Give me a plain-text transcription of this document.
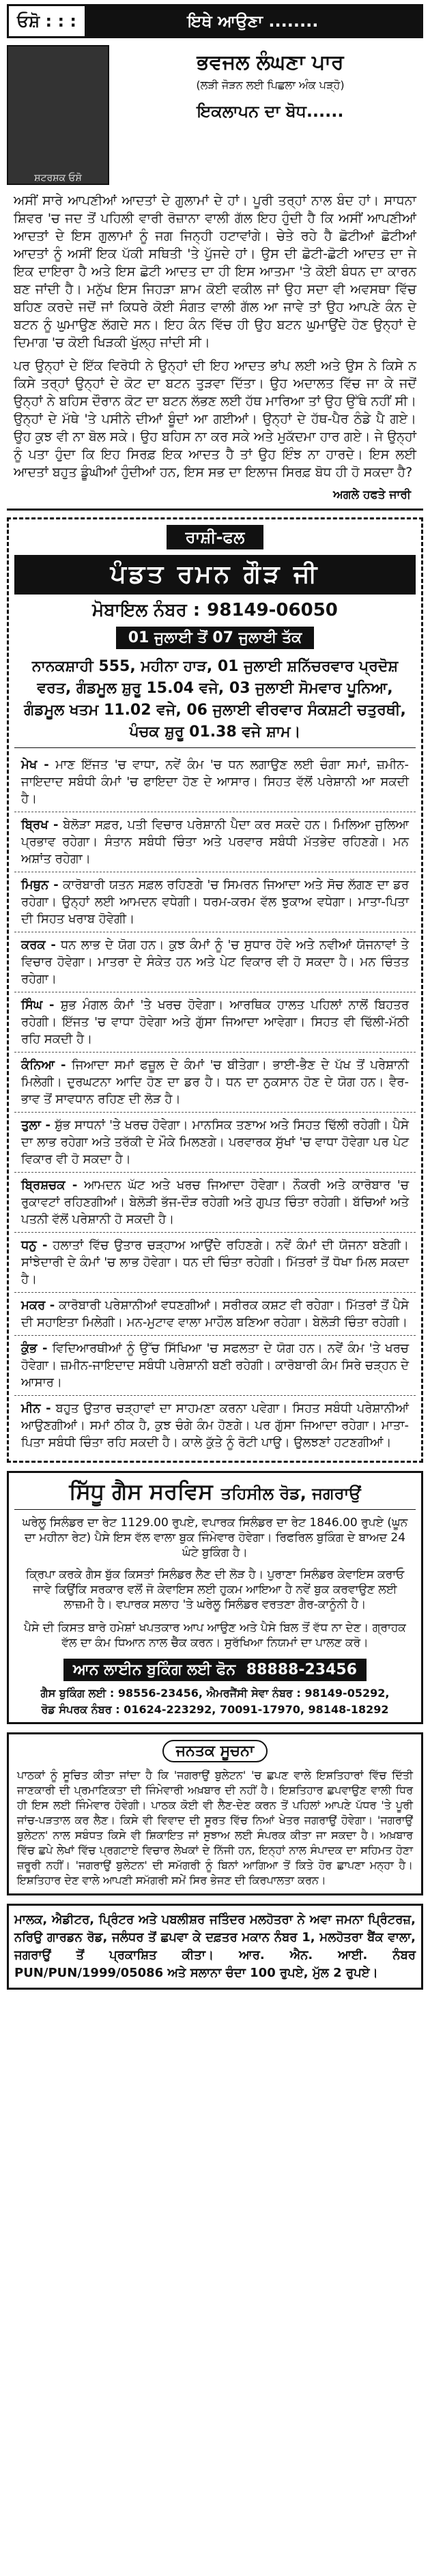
ਓਸ਼ੋ : : :	ਇਥੇ ਆਉਣਾ ........
ਸ਼ਟਰਸ਼ਕ ਓਸ਼ੋ
ਭਵਜਲ ਲੰਘਣਾ ਪਾਰ
(ਲੜੀ ਜੋੜਨ ਲਈ ਪਿਛਲਾ ਅੰਕ ਪੜ੍ਹੋ)
ਇਕਲਾਪਨ ਦਾ ਬੋਧ......

ਅਸੀਂ ਸਾਰੇ ਆਪਣੀਆਂ ਆਦਤਾਂ ਦੇ ਗੁਲਾਮਾਂ ਦੇ ਹਾਂ। ਪੂਰੀ ਤਰ੍ਹਾਂ ਨਾਲ ਬੰਦ ਹਾਂ। ਸਾਧਨਾ ਸ਼ਿਵਰ 'ਚ ਜਦ ਤੋਂ ਪਹਿਲੀ ਵਾਰੀ ਰੋਜ਼ਾਨਾ ਵਾਲੀ ਗੱਲ ਇਹ ਹੁੰਦੀ ਹੈ ਕਿ ਅਸੀਂ ਆਪਣੀਆਂ ਆਦਤਾਂ ਦੇ ਇਸ ਗੁਲਾਮਾਂ ਨੂੰ ਜਗ ਜਿਨ੍ਹੀ ਹਟਾਵਾਂਗੇ। ਚੇਤੇ ਰਹੇ ਹੈ ਛੋਟੀਆਂ ਛੋਟੀਆਂ ਆਦਤਾਂ ਨੂੰ ਅਸੀਂ ਇਕ ਪੱਕੀ ਸਥਿਤੀ 'ਤੇ ਪੁੱਜਦੇ ਹਾਂ। ਉਸ ਦੀ ਛੋਟੀ-ਛੋਟੀ ਆਦਤ ਦਾ ਜੇ ਇਕ ਦਾਇਰਾ ਹੈ ਅਤੇ ਇਸ ਛੋਟੀ ਆਦਤ ਦਾ ਹੀ ਇਸ ਆਤਮਾ 'ਤੇ ਕੋਈ ਬੰਧਨ ਦਾ ਕਾਰਨ ਬਣ ਜਾਂਦੀ ਹੈ। ਮਨੁੱਖ ਇਸ ਜਿਹੜਾ ਸ਼ਾਮ ਕੋਈ ਵਕੀਲ ਜਾਂ ਉਹ ਸਦਾ ਵੀ ਅਵਸਥਾ ਵਿੱਚ ਬਹਿਣ ਕਰਦੇ ਜਦੋਂ ਜਾਂ ਕਿਧਰੇ ਕੋਈ ਸੰਗਤ ਵਾਲੀ ਗੱਲ ਆ ਜਾਵੇ ਤਾਂ ਉਹ ਆਪਣੇ ਕੰਨ ਦੇ ਬਟਨ ਨੂੰ ਘੁਮਾਉਣ ਲੱਗਦੇ ਸਨ। ਇਹ ਕੰਨ ਵਿੱਚ ਹੀ ਉਹ ਬਟਨ ਘੁਮਾਉਂਦੇ ਹੋਣ ਉਨ੍ਹਾਂ ਦੇ ਦਿਮਾਗ 'ਚ ਕੋਈ ਖਿੜਕੀ ਖੁੱਲ੍ਹ ਜਾਂਦੀ ਸੀ।

ਪਰ ਉਨ੍ਹਾਂ ਦੇ ਇੱਕ ਵਿਰੋਧੀ ਨੇ ਉਨ੍ਹਾਂ ਦੀ ਇਹ ਆਦਤ ਭਾਂਪ ਲਈ ਅਤੇ ਉਸ ਨੇ ਕਿਸੇ ਨ ਕਿਸੇ ਤਰ੍ਹਾਂ ਉਨ੍ਹਾਂ ਦੇ ਕੋਟ ਦਾ ਬਟਨ ਤੁੜਵਾ ਦਿੱਤਾ। ਉਹ ਅਦਾਲਤ ਵਿੱਚ ਜਾ ਕੇ ਜਦੋਂ ਉਨ੍ਹਾਂ ਨੇ ਬਹਿਸ ਦੌਰਾਨ ਕੋਟ ਦਾ ਬਟਨ ਲੱਭਣ ਲਈ ਹੱਥ ਮਾਰਿਆ ਤਾਂ ਉਹ ਉੱਥੇ ਨਹੀਂ ਸੀ। ਉਨ੍ਹਾਂ ਦੇ ਮੱਥੇ 'ਤੇ ਪਸੀਨੇ ਦੀਆਂ ਬੂੰਦਾਂ ਆ ਗਈਆਂ। ਉਨ੍ਹਾਂ ਦੇ ਹੱਥ-ਪੈਰ ਠੰਡੇ ਪੈ ਗਏ। ਉਹ ਕੁਝ ਵੀ ਨਾ ਬੋਲ ਸਕੇ। ਉਹ ਬਹਿਸ ਨਾ ਕਰ ਸਕੇ ਅਤੇ ਮੁਕੱਦਮਾ ਹਾਰ ਗਏ। ਜੇ ਉਨ੍ਹਾਂ ਨੂੰ ਪਤਾ ਹੁੰਦਾ ਕਿ ਇਹ ਸਿਰਫ਼ ਇਕ ਆਦਤ ਹੈ ਤਾਂ ਉਹ ਇੰਝ ਨਾ ਹਾਰਦੇ। ਇਸ ਲਈ ਆਦਤਾਂ ਬਹੁਤ ਡੂੰਘੀਆਂ ਹੁੰਦੀਆਂ ਹਨ, ਇਸ ਸਭ ਦਾ ਇਲਾਜ ਸਿਰਫ਼ ਬੋਧ ਹੀ ਹੋ ਸਕਦਾ ਹੈ?

ਅਗਲੇ ਹਫਤੇ ਜਾਰੀ
ਰਾਸ਼ੀ-ਫਲ
ਪੰਡਤ ਰਮਨ ਗੌੜ ਜੀ
ਮੋਬਾਇਲ ਨੰਬਰ : 98149-06050
01 ਜੁਲਾਈ ਤੋਂ 07 ਜੁਲਾਈ ਤੱਕ
ਨਾਨਕਸ਼ਾਹੀ 555, ਮਹੀਨਾ ਹਾੜ, 01 ਜੁਲਾਈ ਸ਼ਨਿੱਚਰਵਾਰ ਪ੍ਰਦੋਸ਼ ਵਰਤ, ਗੰਡਮੂਲ ਸ਼ੁਰੂ 15.04 ਵਜੇ, 03 ਜੁਲਾਈ ਸੋਮਵਾਰ ਪੂਨਿਆ, ਗੰਡਮੂਲ ਖਤਮ 11.02 ਵਜੇ, 06 ਜੁਲਾਈ ਵੀਰਵਾਰ ਸੰਕਸ਼ਟੀ ਚਤੁਰਥੀ, ਪੰਚਕ ਸ਼ੁਰੂ 01.38 ਵਜੇ ਸ਼ਾਮ।
ਮੇਖ - ਮਾਣ ਇੱਜਤ 'ਚ ਵਾਧਾ, ਨਵੇਂ ਕੰਮ 'ਚ ਧਨ ਲਗਾਉਣ ਲਈ ਚੰਗਾ ਸਮਾਂ, ਜ਼ਮੀਨ-ਜਾਇਦਾਦ ਸਬੰਧੀ ਕੰਮਾਂ 'ਚ ਫਾਇਦਾ ਹੋਣ ਦੇ ਆਸਾਰ। ਸਿਹਤ ਵੱਲੋਂ ਪਰੇਸ਼ਾਨੀ ਆ ਸਕਦੀ ਹੈ।
ਬ੍ਰਿਖ - ਬੇਲੋੜਾ ਸਫ਼ਰ, ਪਤੀ ਵਿਚਾਰ ਪਰੇਸ਼ਾਨੀ ਪੈਦਾ ਕਰ ਸਕਦੇ ਹਨ। ਮਿਲਿਆ ਜੁਲਿਆ ਪ੍ਰਭਾਵ ਰਹੇਗਾ। ਸੰਤਾਨ ਸਬੰਧੀ ਚਿੰਤਾ ਅਤੇ ਪਰਵਾਰ ਸਬੰਧੀ ਮੱਤਭੇਦ ਰਹਿਣਗੇ। ਮਨ ਅਸ਼ਾਂਤ ਰਹੇਗਾ।
ਮਿਥੁਨ - ਕਾਰੋਬਾਰੀ ਯਤਨ ਸਫ਼ਲ ਰਹਿਣਗੇ 'ਚ ਸਿਮਰਨ ਜਿਆਦਾ ਅਤੇ ਸੋਚ ਲੱਗਣ ਦਾ ਡਰ ਰਹੇਗਾ। ਉਨ੍ਹਾਂ ਲਈ ਆਮਦਨ ਵਧੇਗੀ। ਧਰਮ-ਕਰਮ ਵੱਲ ਝੁਕਾਅ ਵਧੇਗਾ। ਮਾਤਾ-ਪਿਤਾ ਦੀ ਸਿਹਤ ਖਰਾਬ ਹੋਵੇਗੀ।
ਕਰਕ - ਧਨ ਲਾਭ ਦੇ ਯੋਗ ਹਨ। ਕੁਝ ਕੰਮਾਂ ਨੂੰ 'ਚ ਸੁਧਾਰ ਹੋਵੇ ਅਤੇ ਨਵੀਆਂ ਯੋਜਨਾਵਾਂ ਤੇ ਵਿਚਾਰ ਹੋਵੇਗਾ। ਮਾਤਰਾ ਦੇ ਸੰਕੇਤ ਹਨ ਅਤੇ ਪੇਟ ਵਿਕਾਰ ਵੀ ਹੋ ਸਕਦਾ ਹੈ। ਮਨ ਚਿੰਤਤ ਰਹੇਗਾ।
ਸਿੰਘ - ਸ਼ੁਭ ਮੰਗਲ ਕੰਮਾਂ 'ਤੇ ਖਰਚ ਹੋਵੇਗਾ। ਆਰਥਿਕ ਹਾਲਤ ਪਹਿਲਾਂ ਨਾਲੋਂ ਬਿਹਤਰ ਰਹੇਗੀ। ਇੱਜਤ 'ਚ ਵਾਧਾ ਹੋਵੇਗਾ ਅਤੇ ਗੁੱਸਾ ਜਿਆਦਾ ਆਵੇਗਾ। ਸਿਹਤ ਵੀ ਢਿੱਲੀ-ਮੱਠੀ ਰਹਿ ਸਕਦੀ ਹੈ।
ਕੰਨਿਆ - ਜਿਆਦਾ ਸਮਾਂ ਫਜ਼ੂਲ ਦੇ ਕੰਮਾਂ 'ਚ ਬੀਤੇਗਾ। ਭਾਈ-ਭੈਣ ਦੇ ਪੱਖ ਤੋਂ ਪਰੇਸ਼ਾਨੀ ਮਿਲੇਗੀ। ਦੁਰਘਟਨਾ ਆਦਿ ਹੋਣ ਦਾ ਡਰ ਹੈ। ਧਨ ਦਾ ਨੁਕਸਾਨ ਹੋਣ ਦੇ ਯੋਗ ਹਨ। ਵੈਰ-ਭਾਵ ਤੋਂ ਸਾਵਧਾਨ ਰਹਿਣ ਦੀ ਲੋੜ ਹੈ।
ਤੁਲਾ - ਸ਼ੁੱਭ ਸਾਧਨਾਂ 'ਤੇ ਖਰਚ ਹੋਵੇਗਾ। ਮਾਨਸਿਕ ਤਣਾਅ ਅਤੇ ਸਿਹਤ ਢਿੱਲੀ ਰਹੇਗੀ। ਪੈਸੇ ਦਾ ਲਾਭ ਰਹੇਗਾ ਅਤੇ ਤਰੱਕੀ ਦੇ ਮੌਕੇ ਮਿਲਣਗੇ। ਪਰਵਾਰਕ ਸੁੱਖਾਂ 'ਚ ਵਾਧਾ ਹੋਵੇਗਾ ਪਰ ਪੇਟ ਵਿਕਾਰ ਵੀ ਹੋ ਸਕਦਾ ਹੈ।
ਬ੍ਰਿਸ਼ਚਕ - ਆਮਦਨ ਘੱਟ ਅਤੇ ਖਰਚ ਜਿਆਦਾ ਹੋਵੇਗਾ। ਨੌਕਰੀ ਅਤੇ ਕਾਰੋਬਾਰ 'ਚ ਰੁਕਾਵਟਾਂ ਰਹਿਣਗੀਆਂ। ਬੇਲੋੜੀ ਭੱਜ-ਦੌੜ ਰਹੇਗੀ ਅਤੇ ਗੁਪਤ ਚਿੰਤਾ ਰਹੇਗੀ। ਬੱਚਿਆਂ ਅਤੇ ਪਤਨੀ ਵੱਲੋਂ ਪਰੇਸ਼ਾਨੀ ਹੋ ਸਕਦੀ ਹੈ।
ਧਨੁ - ਹਲਾਤਾਂ ਵਿੱਚ ਉਤਾਰ ਚੜ੍ਹਾਅ ਆਉਂਦੇ ਰਹਿਣਗੇ। ਨਵੇਂ ਕੰਮਾਂ ਦੀ ਯੋਜਨਾ ਬਣੇਗੀ। ਸਾਂਝੇਦਾਰੀ ਦੇ ਕੰਮਾਂ 'ਚ ਲਾਭ ਹੋਵੇਗਾ। ਧਨ ਦੀ ਚਿੰਤਾ ਰਹੇਗੀ। ਮਿੱਤਰਾਂ ਤੋਂ ਧੋਖਾ ਮਿਲ ਸਕਦਾ ਹੈ।
ਮਕਰ - ਕਾਰੋਬਾਰੀ ਪਰੇਸ਼ਾਨੀਆਂ ਵਧਣਗੀਆਂ। ਸਰੀਰਕ ਕਸ਼ਟ ਵੀ ਰਹੇਗਾ। ਮਿੱਤਰਾਂ ਤੋਂ ਪੈਸੇ ਦੀ ਸਹਾਇਤਾ ਮਿਲੇਗੀ। ਮਨ-ਮੁਟਾਵ ਵਾਲਾ ਮਾਹੌਲ ਬਣਿਆ ਰਹੇਗਾ। ਬੇਲੋੜੀ ਚਿੰਤਾ ਰਹੇਗੀ।
ਕੁੰਭ - ਵਿਦਿਆਰਥੀਆਂ ਨੂੰ ਉੱਚ ਸਿੱਖਿਆ 'ਚ ਸਫਲਤਾ ਦੇ ਯੋਗ ਹਨ। ਨਵੇਂ ਕੰਮ 'ਤੇ ਖਰਚ ਹੋਵੇਗਾ। ਜ਼ਮੀਨ-ਜਾਇਦਾਦ ਸਬੰਧੀ ਪਰੇਸ਼ਾਨੀ ਬਣੀ ਰਹੇਗੀ। ਕਾਰੋਬਾਰੀ ਕੰਮ ਸਿਰੇ ਚੜ੍ਹਨ ਦੇ ਆਸਾਰ।
ਮੀਨ - ਬਹੁਤ ਉਤਾਰ ਚੜ੍ਹਾਵਾਂ ਦਾ ਸਾਹਮਣਾ ਕਰਨਾ ਪਵੇਗਾ। ਸਿਹਤ ਸਬੰਧੀ ਪਰੇਸ਼ਾਨੀਆਂ ਆਉਣਗੀਆਂ। ਸਮਾਂ ਠੀਕ ਹੈ, ਕੁਝ ਚੰਗੇ ਕੰਮ ਹੋਣਗੇ। ਪਰ ਗੁੱਸਾ ਜਿਆਦਾ ਰਹੇਗਾ। ਮਾਤਾ-ਪਿਤਾ ਸਬੰਧੀ ਚਿੰਤਾ ਰਹਿ ਸਕਦੀ ਹੈ। ਕਾਲੇ ਕੁੱਤੇ ਨੂੰ ਰੋਟੀ ਪਾਉ। ਉਲਝਣਾਂ ਹਟਣਗੀਆਂ।
ਸਿੱਧੂ ਗੈਸ ਸਰਵਿਸ ਤਹਿਸੀਲ ਰੋਡ, ਜਗਰਾਉਂ
ਘਰੇਲੂ ਸਿਲੰਡਰ ਦਾ ਰੇਟ 1129.00 ਰੁਪਏ, ਵਪਾਰਕ ਸਿਲੰਡਰ ਦਾ ਰੇਟ 1846.00 ਰੁਪਏ (ਘੂਨ ਦਾ ਮਹੀਨਾ ਰੇਟ) ਪੈਸੇ ਇਸ ਵੱਲ ਵਾਲਾ ਬੁਕ ਜਿੰਮੇਵਾਰ ਹੋਵੇਗਾ। ਰਿਫਰਿਲ ਬੁਕਿੰਗ ਦੇ ਬਾਅਦ 24 ਘੰਟੇ ਬੁਕਿੰਗ ਹੈ।
ਕ੍ਰਿਪਾ ਕਰਕੇ ਗੈਸ ਬੁੱਕ ਕਿਸਤਾਂ ਸਿਲੰਡਰ ਲੈਣ ਦੀ ਲੋੜ ਹੈ। ਪੁਰਾਣਾ ਸਿਲੰਡਰ ਕੇਵਾਇਸ ਕਰਾਓ ਜਾਵੇ ਕਿਉਂਕਿ ਸਰਕਾਰ ਵਲੋਂ ਜੋ ਕੇਵਾਇਸ ਲਈ ਹੁਕਮ ਆਇਆ ਹੈ ਨਵੇਂ ਬੁਕ ਕਰਵਾਉਣ ਲਈ ਲਾਜ਼ਮੀ ਹੈ। ਵਪਾਰਕ ਸਲਾਹ 'ਤੇ ਘਰੇਲੂ ਸਿਲੰਡਰ ਵਰਤਣਾ ਗੈਰ-ਕਾਨੂੰਨੀ ਹੈ।
ਪੈਸੇ ਦੀ ਕਿਸਤ ਬਾਰੇ ਹਮੇਸ਼ਾਂ ਖਪਤਕਾਰ ਆਪ ਆਉਣ ਅਤੇ ਪੈਸੇ ਬਿਲ ਤੋਂ ਵੱਧ ਨਾ ਦੇਣ। ਗ੍ਰਾਹਕ ਵੱਲ ਦਾ ਕੰਮ ਧਿਆਨ ਨਾਲ ਚੈੱਕ ਕਰਨ। ਸੁਰੱਖਿਆ ਨਿਯਮਾਂ ਦਾ ਪਾਲਣ ਕਰੋ।
ਆਨ ਲਾਈਨ ਬੁਕਿੰਗ ਲਈ ਫੋਨ 88888-23456
ਗੈਸ ਬੁਕਿੰਗ ਲਈ : 98556-23456, ਐਮਰਜੈਂਸੀ ਸੇਵਾ ਨੰਬਰ : 98149-05292,
ਰੋਡ ਸੰਪਰਕ ਨੰਬਰ : 01624-223292, 70091-17970, 98148-18292
ਜਨਤਕ ਸੂਚਨਾ
ਪਾਠਕਾਂ ਨੂੰ ਸੂਚਿਤ ਕੀਤਾ ਜਾਂਦਾ ਹੈ ਕਿ 'ਜਗਰਾਉਂ ਬੁਲੇਟਨ' 'ਚ ਛਪਣ ਵਾਲੇ ਇਸ਼ਤਿਹਾਰਾਂ ਵਿੱਚ ਦਿੱਤੀ ਜਾਣਕਾਰੀ ਦੀ ਪ੍ਰਮਾਣਿਕਤਾ ਦੀ ਜਿੰਮੇਵਾਰੀ ਅਖ਼ਬਾਰ ਦੀ ਨਹੀਂ ਹੈ। ਇਸ਼ਤਿਹਾਰ ਛਪਵਾਉਣ ਵਾਲੀ ਧਿਰ ਹੀ ਇਸ ਲਈ ਜਿੰਮੇਵਾਰ ਹੋਵੇਗੀ। ਪਾਠਕ ਕੋਈ ਵੀ ਲੈਣ-ਦੇਣ ਕਰਨ ਤੋਂ ਪਹਿਲਾਂ ਆਪਣੇ ਪੱਧਰ 'ਤੇ ਪੂਰੀ ਜਾਂਚ-ਪੜਤਾਲ ਕਰ ਲੈਣ। ਕਿਸੇ ਵੀ ਵਿਵਾਦ ਦੀ ਸੂਰਤ ਵਿੱਚ ਨਿਆਂ ਖੇਤਰ ਜਗਰਾਉਂ ਹੋਵੇਗਾ। 'ਜਗਰਾਉਂ ਬੁਲੇਟਨ' ਨਾਲ ਸਬੰਧਤ ਕਿਸੇ ਵੀ ਸ਼ਿਕਾਇਤ ਜਾਂ ਸੁਝਾਅ ਲਈ ਸੰਪਰਕ ਕੀਤਾ ਜਾ ਸਕਦਾ ਹੈ। ਅਖ਼ਬਾਰ ਵਿੱਚ ਛਪੇ ਲੇਖਾਂ ਵਿੱਚ ਪ੍ਰਗਟਾਏ ਵਿਚਾਰ ਲੇਖਕਾਂ ਦੇ ਨਿੱਜੀ ਹਨ, ਇਨ੍ਹਾਂ ਨਾਲ ਸੰਪਾਦਕ ਦਾ ਸਹਿਮਤ ਹੋਣਾ ਜ਼ਰੂਰੀ ਨਹੀਂ। 'ਜਗਰਾਉਂ ਬੁਲੇਟਨ' ਦੀ ਸਮੱਗਰੀ ਨੂੰ ਬਿਨਾਂ ਆਗਿਆ ਤੋਂ ਕਿਤੇ ਹੋਰ ਛਾਪਣਾ ਮਨ੍ਹਾ ਹੈ। ਇਸ਼ਤਿਹਾਰ ਦੇਣ ਵਾਲੇ ਆਪਣੀ ਸਮੱਗਰੀ ਸਮੇਂ ਸਿਰ ਭੇਜਣ ਦੀ ਕਿਰਪਾਲਤਾ ਕਰਨ।
ਮਾਲਕ, ਐਡੀਟਰ, ਪ੍ਰਿੰਟਰ ਅਤੇ ਪਬਲੀਸ਼ਰ ਜਤਿੰਦਰ ਮਲਹੋਤਰਾ ਨੇ ਅਵਾ ਜਮਨਾ ਪ੍ਰਿੰਟਰਜ਼, ਨਰਿਉ ਗਾਰਡਨ ਰੋਡ, ਜਲੰਧਰ ਤੋਂ ਛਪਵਾ ਕੇ ਦਫ਼ਤਰ ਮਕਾਨ ਨੰਬਰ 1, ਮਲਹੋਤਰਾ ਬੈਂਕ ਵਾਲਾ, ਜਗਰਾਉਂ ਤੋਂ ਪ੍ਰਕਾਸ਼ਿਤ ਕੀਤਾ। ਆਰ. ਐਨ. ਆਈ. ਨੰਬਰ PUN/PUN/1999/05086 ਅਤੇ ਸਲਾਨਾ ਚੰਦਾ 100 ਰੁਪਏ, ਮੁੱਲ 2 ਰੁਪਏ।
